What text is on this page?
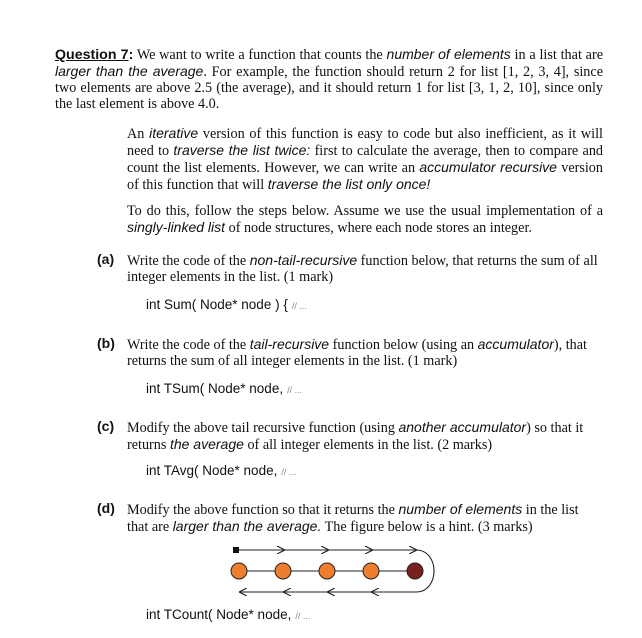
Question 7: We want to write a function that counts the number of elements in a list that are larger than the average. For example, the function should return 2 for list [1, 2, 3, 4], since two elements are above 2.5 (the average), and it should return 1 for list [3, 1, 2, 10], since only the last element is above 4.0.
An iterative version of this function is easy to code but also inefficient, as it will need to traverse the list twice: first to calculate the average, then to compare and count the list elements. However, we can write an accumulator recursive version of this function that will traverse the list only once!
To do this, follow the steps below. Assume we use the usual implementation of a singly-linked list of node structures, where each node stores an integer.
(a) Write the code of the non-tail-recursive function below, that returns the sum of all integer elements in the list. (1 mark)
int Sum( Node* node ) { // ...
(b) Write the code of the tail-recursive function below (using an accumulator), that returns the sum of all integer elements in the list. (1 mark)
int TSum( Node* node, // ...
(c) Modify the above tail recursive function (using another accumulator) so that it returns the average of all integer elements in the list. (2 marks)
int TAvg( Node* node, // ...
(d) Modify the above function so that it returns the number of elements in the list that are larger than the average. The figure below is a hint. (3 marks)
int TCount( Node* node, // ...
